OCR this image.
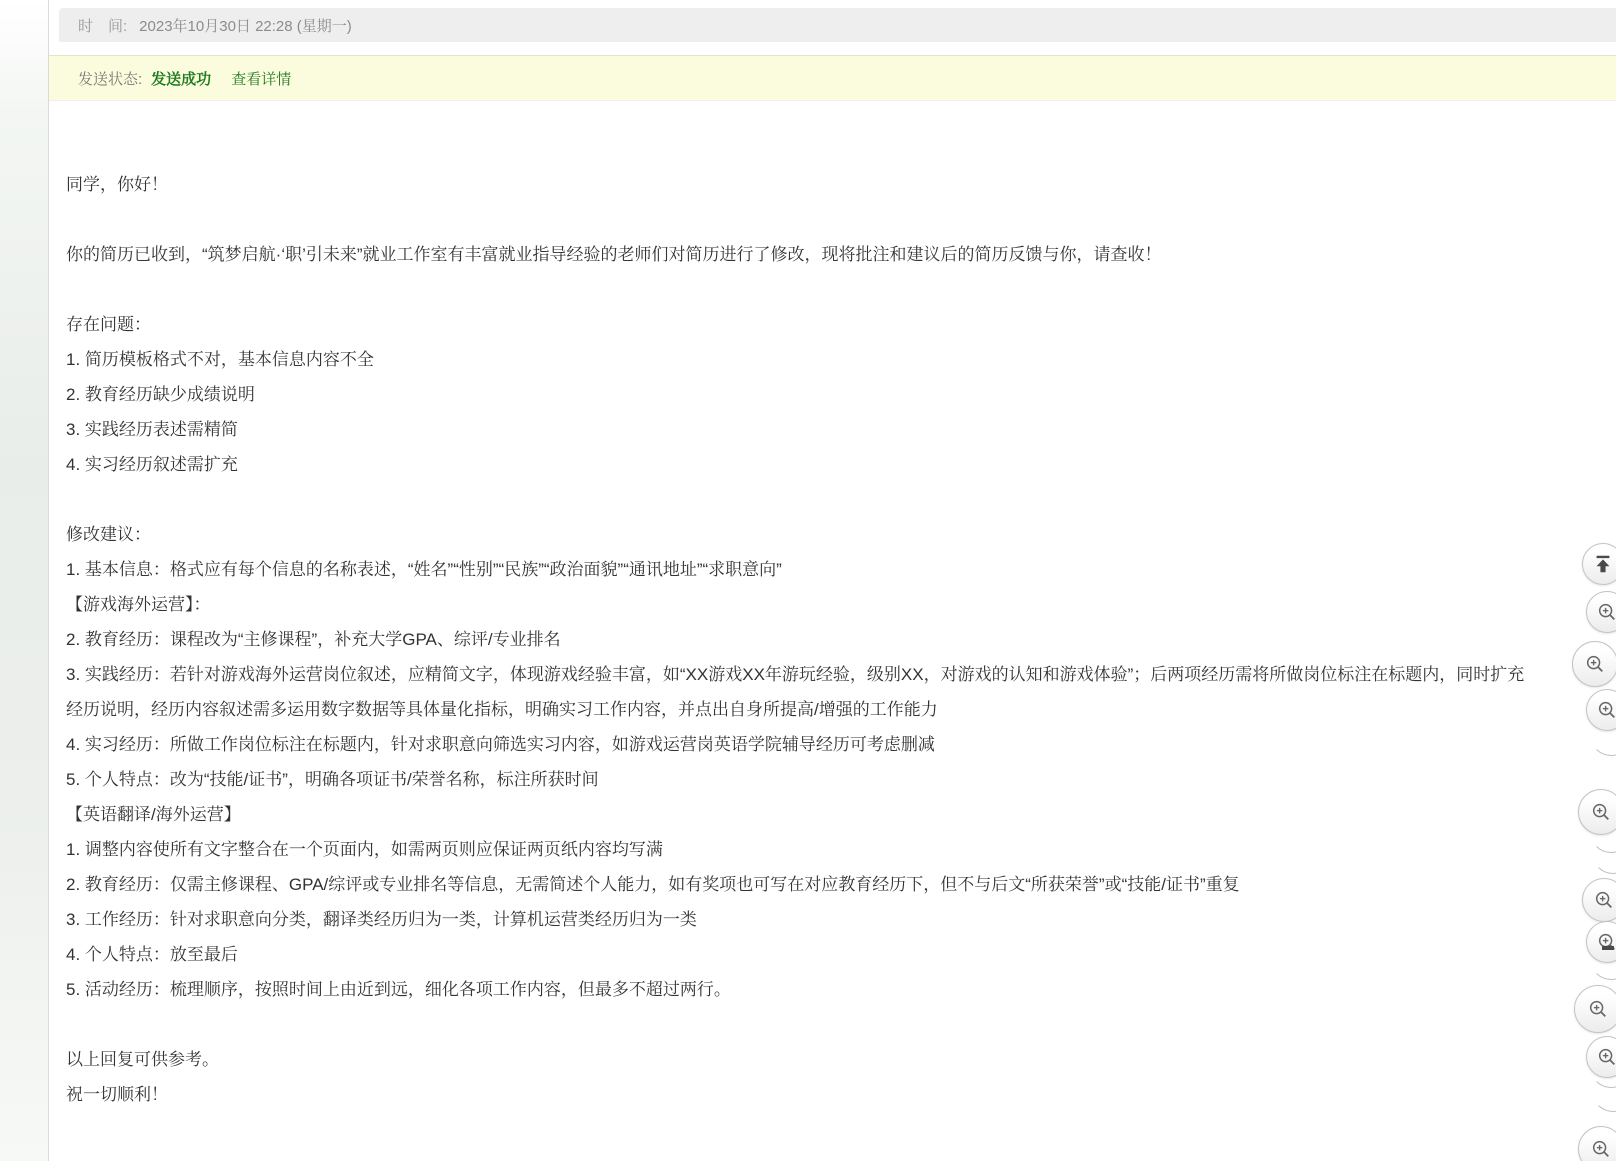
时　间: 2023年10月30日 22:28 (星期一)
发送状态: 发送成功 查看详情

同学，你好！

你的简历已收到，“筑梦启航·‘职’引未来”就业工作室有丰富就业指导经验的老师们对简历进行了修改，现将批注和建议后的简历反馈与你，请查收！

存在问题：

1. 简历模板格式不对，基本信息内容不全

2. 教育经历缺少成绩说明

3. 实践经历表述需精简

4. 实习经历叙述需扩充

修改建议：

1. 基本信息：格式应有每个信息的名称表述，“姓名”“性别”“民族”“政治面貌”“通讯地址”“求职意向”

【游戏海外运营】：

2. 教育经历：课程改为“主修课程”，补充大学GPA、综评/专业排名

3. 实践经历：若针对游戏海外运营岗位叙述，应精简文字，体现游戏经验丰富，如“XX游戏XX年游玩经验，级别XX，对游戏的认知和游戏体验”；后两项经历需将所做岗位标注在标题内，同时扩充经历说明，经历内容叙述需多运用数字数据等具体量化指标，明确实习工作内容，并点出自身所提高/增强的工作能力

4. 实习经历：所做工作岗位标注在标题内，针对求职意向筛选实习内容，如游戏运营岗英语学院辅导经历可考虑删减

5. 个人特点：改为“技能/证书”，明确各项证书/荣誉名称，标注所获时间

【英语翻译/海外运营】

1. 调整内容使所有文字整合在一个页面内，如需两页则应保证两页纸内容均写满

2. 教育经历：仅需主修课程、GPA/综评或专业排名等信息，无需简述个人能力，如有奖项也可写在对应教育经历下，但不与后文“所获荣誉”或“技能/证书”重复

3. 工作经历：针对求职意向分类，翻译类经历归为一类，计算机运营类经历归为一类

4. 个人特点：放至最后

5. 活动经历：梳理顺序，按照时间上由近到远，细化各项工作内容，但最多不超过两行。

以上回复可供参考。

祝一切顺利！
